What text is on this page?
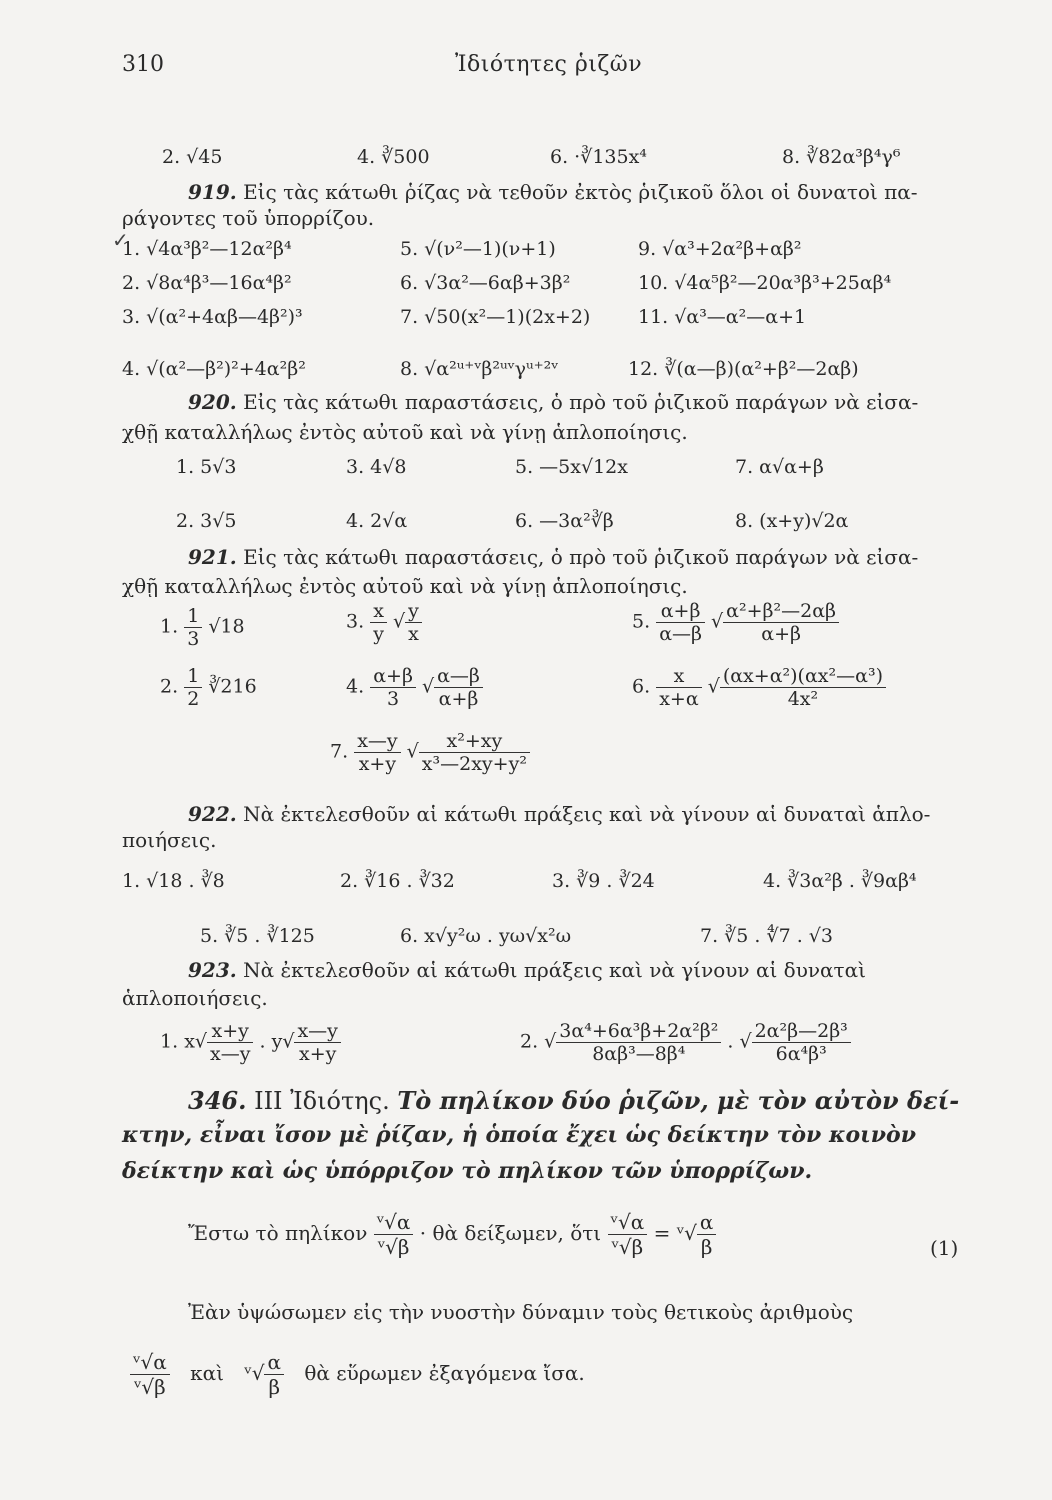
310	Ἰδιότητες ῥιζῶν
2. √45	4. ∛500	6. ·∛135x⁴	8. ∛82α³β⁴γ⁶
919. Εἰς τὰς κάτωθι ῥίζας νὰ τεθοῦν ἐκτὸς ῥιζικοῦ ὅλοι οἱ δυνατοὶ πα-
ράγοντες τοῦ ὑπορρίζου.
✓
1. √4α³β²—12α²β⁴	5. √(ν²—1)(ν+1)	9. √α³+2α²β+αβ²
2. √8α⁴β³—16α⁴β²	6. √3α²—6αβ+3β²	10. √4α⁵β²—20α³β³+25αβ⁴
3. √(α²+4αβ—4β²)³	7. √50(x²—1)(2x+2)	11. √α³—α²—α+1
4. √(α²—β²)²+4α²β²	8. √α²ᵘ⁺ᵛβ²ᵘᵛγᵘ⁺²ᵛ	12. ∛(α—β)(α²+β²—2αβ)
920. Εἰς τὰς κάτωθι παραστάσεις, ὁ πρὸ τοῦ ῥιζικοῦ παράγων νὰ εἰσα-
χθῇ καταλλήλως ἐντὸς αὐτοῦ καὶ νὰ γίνῃ ἁπλοποίησις.
1. 5√3	3. 4√8	5. —5x√12x	7. α√α+β
2. 3√5	4. 2√α	6. —3α²∛β	8. (x+y)√2α
921. Εἰς τὰς κάτωθι παραστάσεις, ὁ πρὸ τοῦ ῥιζικοῦ παράγων νὰ εἰσα-
χθῇ καταλλήλως ἐντὸς αὐτοῦ καὶ νὰ γίνῃ ἁπλοποίησις.
1. $\frac{1}{3} √18$	3. $\frac{x}{y}$ √ $\frac{y}{x}$	5. $\frac{\alpha+\beta}{\alpha—\beta}$ √ $\frac{\text{α²+β²—2αβ}}{\alpha+\beta}$
2. $\frac{1}{2}$ ∛216	4. $\frac{\alpha+\beta}{3}$ √ $\frac{\alpha—\beta}{\alpha+\beta}$	6. $\frac{x}{x+\alpha}$ √ $\frac{\text{(αx+α²)(αx²—α³)}}{\text{4x²}}$
7. $\frac{x—y}{x+y}$ √ $\frac{\text{x²+xy}}{\text{x³—2xy+y²}}$
922. Νὰ ἐκτελεσθοῦν αἱ κάτωθι πράξεις καὶ νὰ γίνουν αἱ δυναταὶ ἁπλο-
ποιήσεις.
1. √18 . ∛8	2. ∛16 . ∛32	3. ∛9 . ∛24	4. ∛3α²β . ∛9αβ⁴
5. ∛5 . ∛125	6. x√y²ω . yω√x²ω	7. ∛5 . ∜7 . √3
923. Νὰ ἐκτελεσθοῦν αἱ κάτωθι πράξεις καὶ νὰ γίνουν αἱ δυναταὶ
ἁπλοποιήσεις.
1. $x√ \frac{x+y}{x—y}$ . $y√ \frac{x—y}{x+y}$	2. √ $\frac{\text{3α⁴+6α³β+2α²β²}}{\text{8αβ³—8β⁴}}$ . √ $\frac{\text{2α²β—2β³}}{\text{6α⁴β³}}$
346. III Ἰδιότης. Τὸ πηλίκον δύο ῥιζῶν, μὲ τὸν αὐτὸν δεί-
κτην, εἶναι ἴσον μὲ ῥίζαν, ἡ ὁποία ἔχει ὡς δείκτην τὸν κοινὸν
δείκτην καὶ ὡς ὑπόρριζον τὸ πηλίκον τῶν ὑπορρίζων.
Ἔστω τὸ πηλίκον $\frac{\text{ᵛ√α}}{\text{ᵛ√β}}$ · θὰ δείξωμεν, ὅτι $\frac{\text{ᵛ√α}}{\text{ᵛ√β}}$ = ᵛ√ $\frac{\alpha}{\beta}$	(1)
Ἐὰν ὑψώσωμεν εἰς τὴν νυοστὴν δύναμιν τοὺς θετικοὺς ἀριθμοὺς
$\frac{\text{ᵛ√α}}{\text{ᵛ√β}}$ καὶ ᵛ√ $\frac{\alpha}{\beta}$ θὰ εὕρωμεν ἐξαγόμενα ἴσα.
